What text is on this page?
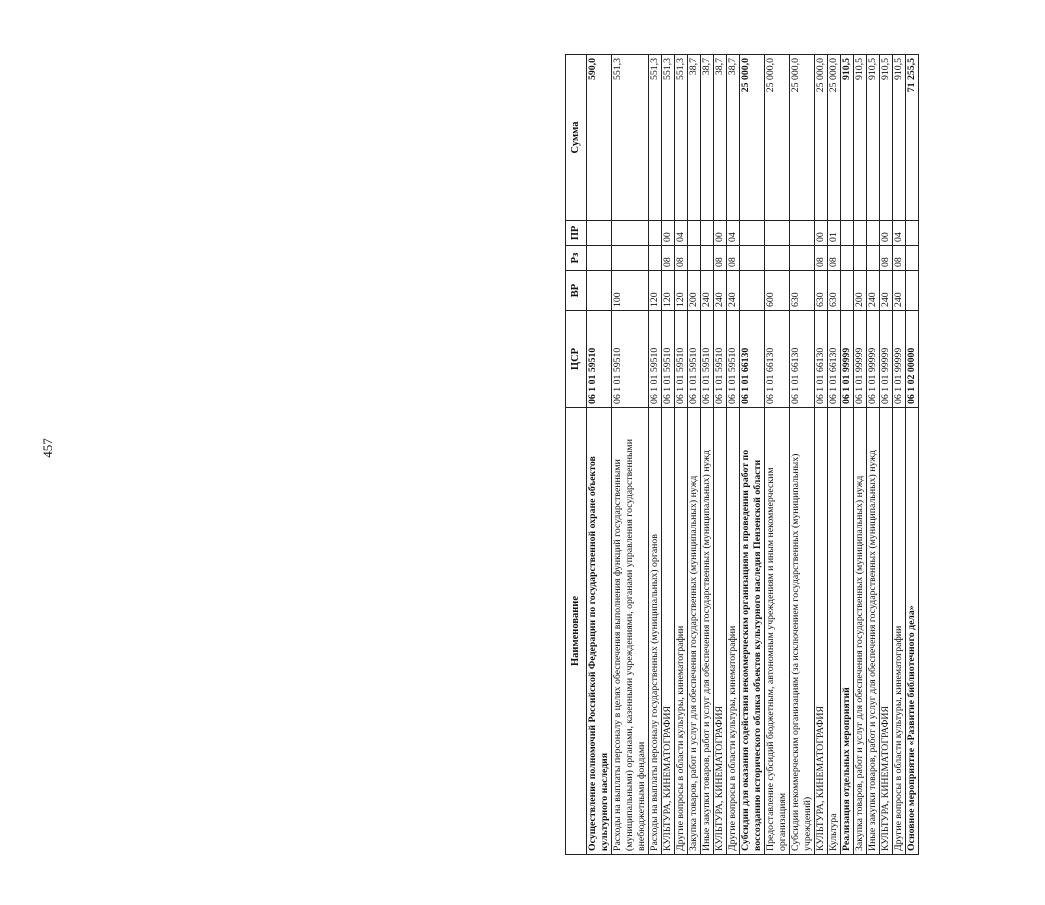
457
Наименование	ЦСР	ВР	Рз	ПР	Сумма
Осуществление полномочий Российской Федерации по государственной охране объектов культурного наследия	06 1 01 59510				590,0
Расходы на выплаты персоналу в целях обеспечения выполнения функций государственными (муниципальными) органами, казенными учреждениями, органами управления государственными внебюджетными фондами	06 1 01 59510	100			551,3
Расходы на выплаты персоналу государственных (муниципальных) органов	06 1 01 59510	120			551,3
КУЛЬТУРА, КИНЕМАТОГРАФИЯ	06 1 01 59510	120	08	00	551,3
Другие вопросы в области культуры, кинематографии	06 1 01 59510	120	08	04	551,3
Закупка товаров, работ и услуг для обеспечения государственных (муниципальных) нужд	06 1 01 59510	200			38,7
Иные закупки товаров, работ и услуг для обеспечения государственных (муниципальных) нужд	06 1 01 59510	240			38,7
КУЛЬТУРА, КИНЕМАТОГРАФИЯ	06 1 01 59510	240	08	00	38,7
Другие вопросы в области культуры, кинематографии	06 1 01 59510	240	08	04	38,7
Субсидии для оказания содействия некоммерческим организациям в проведении работ по воссозданию исторического облика объектов культурного наследия Пензенской области	06 1 01 66130				25 000,0
Предоставление субсидий бюджетным, автономным учреждениям и иным некоммерческим организациям	06 1 01 66130	600			25 000,0
Субсидии некоммерческим организациям (за исключением государственных (муниципальных) учреждений)	06 1 01 66130	630			25 000,0
КУЛЬТУРА, КИНЕМАТОГРАФИЯ	06 1 01 66130	630	08	00	25 000,0
Культура	06 1 01 66130	630	08	01	25 000,0
Реализация отдельных мероприятий	06 1 01 99999				910,5
Закупка товаров, работ и услуг для обеспечения государственных (муниципальных) нужд	06 1 01 99999	200			910,5
Иные закупки товаров, работ и услуг для обеспечения государственных (муниципальных) нужд	06 1 01 99999	240			910,5
КУЛЬТУРА, КИНЕМАТОГРАФИЯ	06 1 01 99999	240	08	00	910,5
Другие вопросы в области культуры, кинематографии	06 1 01 99999	240	08	04	910,5
Основное мероприятие «Развитие библиотечного дела»	06 1 02 00000				71 255,5
